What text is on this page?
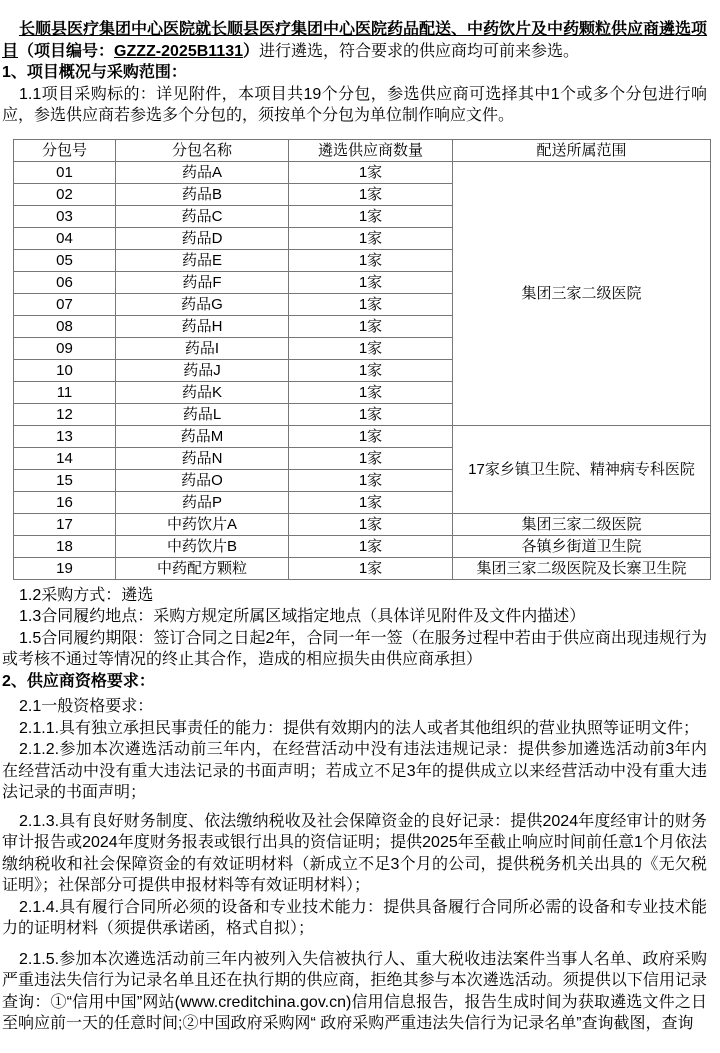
长顺县医疗集团中心医院就长顺县医疗集团中心医院药品配送、中药饮片及中药颗粒供应商遴选项目（项目编号：GZZZ-2025B1131）进行遴选，符合要求的供应商均可前来参选。

1、项目概况与采购范围：

1.1项目采购标的：详见附件，本项目共19个分包，参选供应商可选择其中1个或多个分包进行响应，参选供应商若参选多个分包的，须按单个分包为单位制作响应文件。

分包号	分包名称	遴选供应商数量	配送所属范围
01	药品A	1家	集团三家二级医院
02	药品B	1家	
03	药品C	1家	
04	药品D	1家	
05	药品E	1家	
06	药品F	1家	
07	药品G	1家	
08	药品H	1家	
09	药品I	1家	
10	药品J	1家	
11	药品K	1家	
12	药品L	1家	
13	药品M	1家	17家乡镇卫生院、精神病专科医院
14	药品N	1家	
15	药品O	1家	
16	药品P	1家	
17	中药饮片A	1家	集团三家二级医院
18	中药饮片B	1家	各镇乡街道卫生院
19	中药配方颗粒	1家	集团三家二级医院及长寨卫生院

1.2采购方式：遴选

1.3合同履约地点：采购方规定所属区域指定地点（具体详见附件及文件内描述）

1.5合同履约期限：签订合同之日起2年，合同一年一签（在服务过程中若由于供应商出现违规行为或考核不通过等情况的终止其合作，造成的相应损失由供应商承担）

2、供应商资格要求：

2.1一般资格要求：

2.1.1.具有独立承担民事责任的能力：提供有效期内的法人或者其他组织的营业执照等证明文件；

2.1.2.参加本次遴选活动前三年内，在经营活动中没有违法违规记录：提供参加遴选活动前3年内在经营活动中没有重大违法记录的书面声明；若成立不足3年的提供成立以来经营活动中没有重大违法记录的书面声明；

2.1.3.具有良好财务制度、依法缴纳税收及社会保障资金的良好记录：提供2024年度经审计的财务审计报告或2024年度财务报表或银行出具的资信证明；提供2025年至截止响应时间前任意1个月依法缴纳税收和社会保障资金的有效证明材料（新成立不足3个月的公司，提供税务机关出具的《无欠税证明》；社保部分可提供申报材料等有效证明材料）；

2.1.4.具有履行合同所必须的设备和专业技术能力：提供具备履行合同所必需的设备和专业技术能力的证明材料（须提供承诺函，格式自拟）；

2.1.5.参加本次遴选活动前三年内被列入失信被执行人、重大税收违法案件当事人名单、政府采购严重违法失信行为记录名单且还在执行期的供应商，拒绝其参与本次遴选活动。须提供以下信用记录查询：①“信用中国”网站(www.creditchina.gov.cn)信用信息报告，报告生成时间为获取遴选文件之日至响应前一天的任意时间;②中国政府采购网“ 政府采购严重违法失信行为记录名单”查询截图，查询
